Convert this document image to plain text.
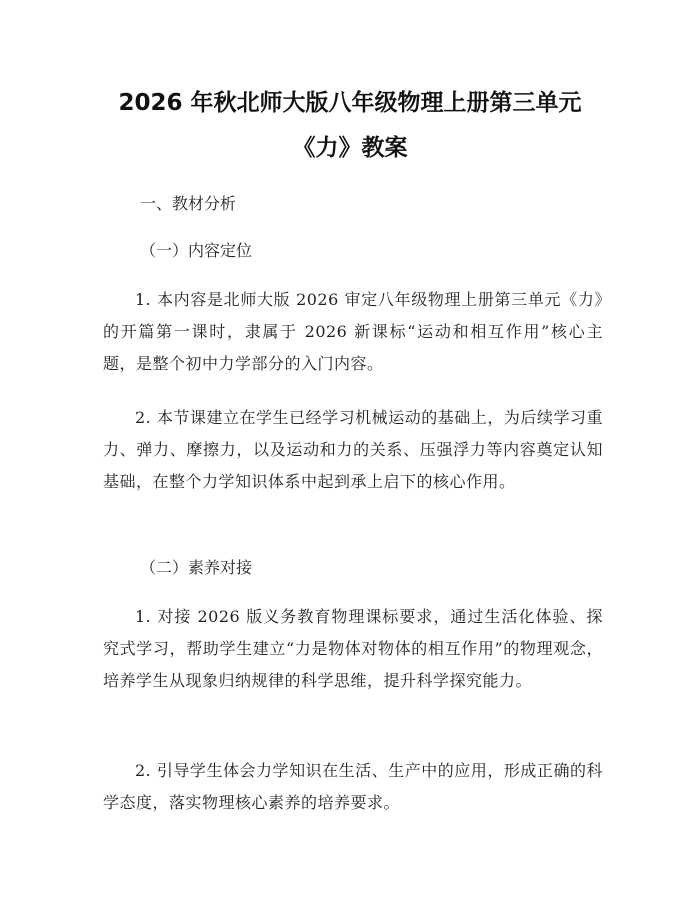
2026 年秋北师大版八年级物理上册第三单元
《力》教案
一、教材分析
（一）内容定位
1. 本内容是北师大版 2026 审定八年级物理上册第三单元《力》的开篇第一课时，隶属于 2026 新课标“运动和相互作用”核心主题，是整个初中力学部分的入门内容。
2. 本节课建立在学生已经学习机械运动的基础上，为后续学习重力、弹力、摩擦力，以及运动和力的关系、压强浮力等内容奠定认知基础，在整个力学知识体系中起到承上启下的核心作用。
（二）素养对接
1. 对接 2026 版义务教育物理课标要求，通过生活化体验、探究式学习，帮助学生建立“力是物体对物体的相互作用”的物理观念，培养学生从现象归纳规律的科学思维，提升科学探究能力。
2. 引导学生体会力学知识在生活、生产中的应用，形成正确的科学态度，落实物理核心素养的培养要求。
